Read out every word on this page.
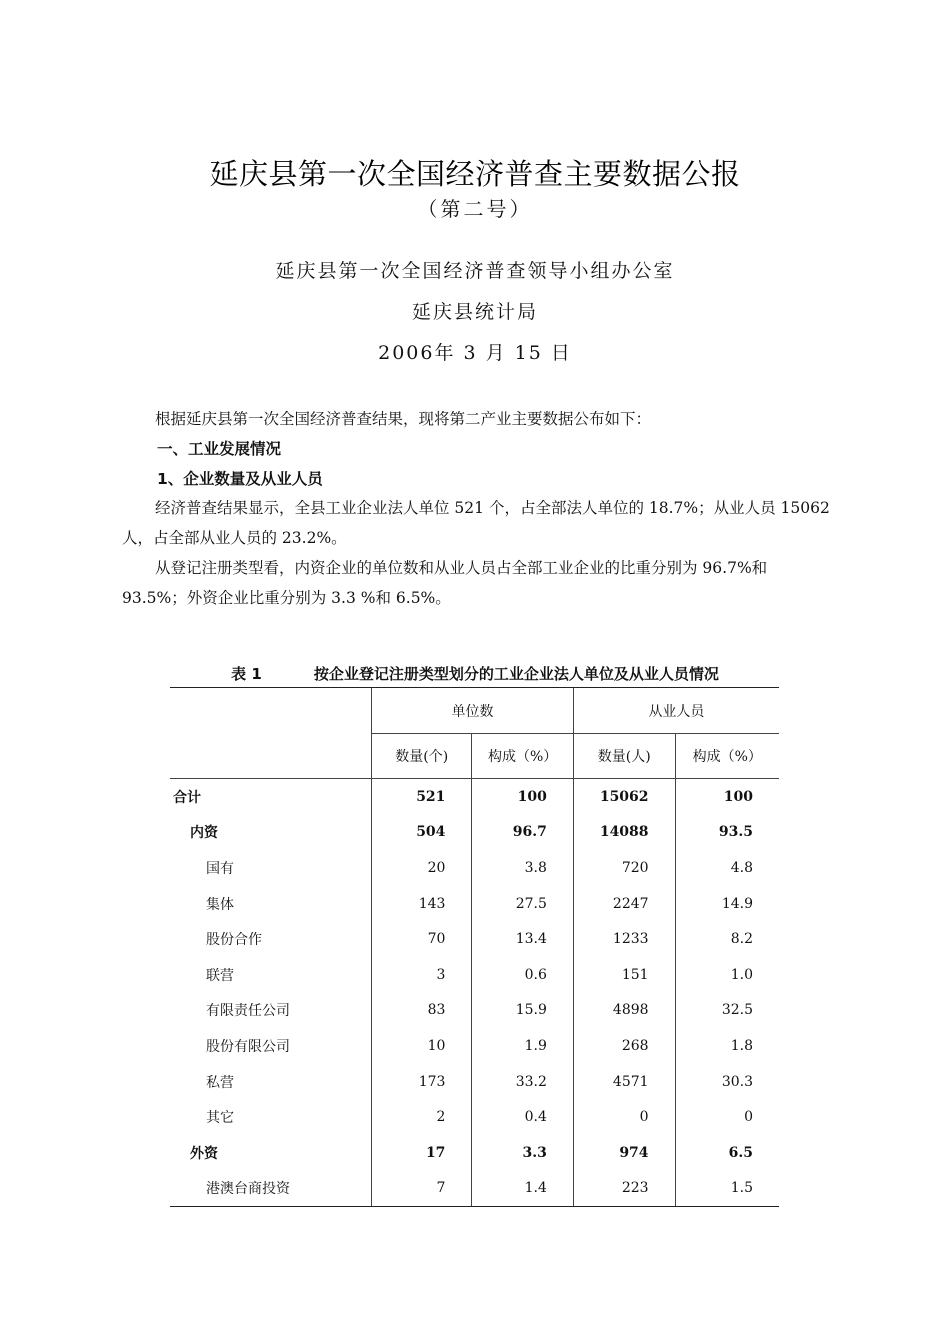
延庆县第一次全国经济普查主要数据公报
（第二号）
延庆县第一次全国经济普查领导小组办公室
延庆县统计局
2006年 3 月 15 日
根据延庆县第一次全国经济普查结果，现将第二产业主要数据公布如下：
一、工业发展情况
1、企业数量及从业人员
经济普查结果显示，全县工业企业法人单位 521 个，占全部法人单位的 18.7%；从业人员 15062 人，占全部从业人员的 23.2%。
从登记注册类型看，内资企业的单位数和从业人员占全部工业企业的比重分别为 96.7%和 93.5%；外资企业比重分别为 3.3 %和 6.5%。
表 1	按企业登记注册类型划分的工业企业法人单位及从业人员情况
	单位数		从业人员	
	数量(个)	构成（%）	数量(人)	构成（%）
合计	521	100	15062	100
内资	504	96.7	14088	93.5
国有	20	3.8	720	4.8
集体	143	27.5	2247	14.9
股份合作	70	13.4	1233	8.2
联营	3	0.6	151	1.0
有限责任公司	83	15.9	4898	32.5
股份有限公司	10	1.9	268	1.8
私营	173	33.2	4571	30.3
其它	2	0.4	0	0
外资	17	3.3	974	6.5
港澳台商投资	7	1.4	223	1.5
